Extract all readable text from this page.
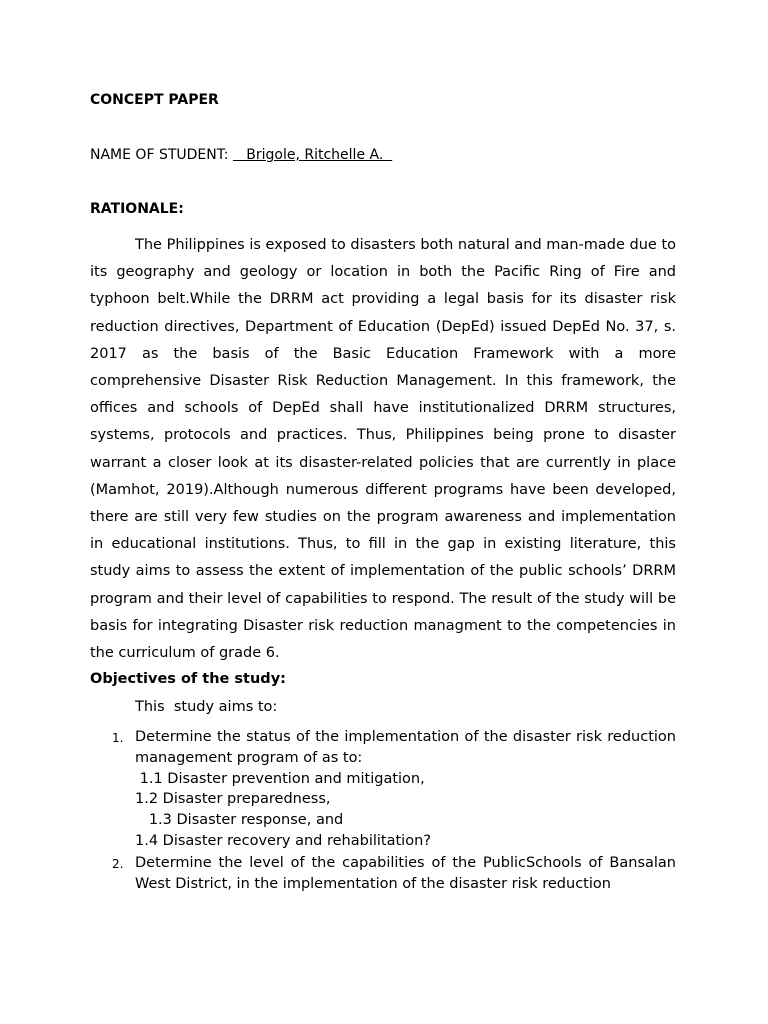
CONCEPT PAPER
NAME OF STUDENT:    Brigole, Ritchelle A.
RATIONALE:

The Philippines is exposed to disasters both natural and man-made due to its geography and geology or location in both the Pacific Ring of Fire and typhoon belt.While the DRRM act providing a legal basis for its disaster risk reduction directives, Department of Education (DepEd) issued DepEd No. 37, s. 2017 as the basis of the Basic Education Framework with a more comprehensive Disaster Risk Reduction Management. In this framework, the offices and schools of DepEd shall have institutionalized DRRM structures, systems, protocols and practices. Thus, Philippines being prone to disaster warrant a closer look at its disaster-related policies that are currently in place (Mamhot, 2019).Although numerous different programs have been developed, there are still very few studies on the program awareness and implementation in educational institutions. Thus, to fill in the gap in existing literature, this study aims to assess the extent of implementation of the public schools’ DRRM program and their level of capabilities to respond. The result of the study will be basis for integrating Disaster risk reduction managment to the competencies in the curriculum of grade 6.

Objectives of the study:

This  study aims to:

1. Determine the status of the implementation of the disaster risk reduction management program of as to:
1.1 Disaster prevention and mitigation,
1.2 Disaster preparedness,
1.3 Disaster response, and
1.4 Disaster recovery and rehabilitation?
2. Determine the level of the capabilities of the PublicSchools of Bansalan West District, in the implementation of the disaster risk reduction
